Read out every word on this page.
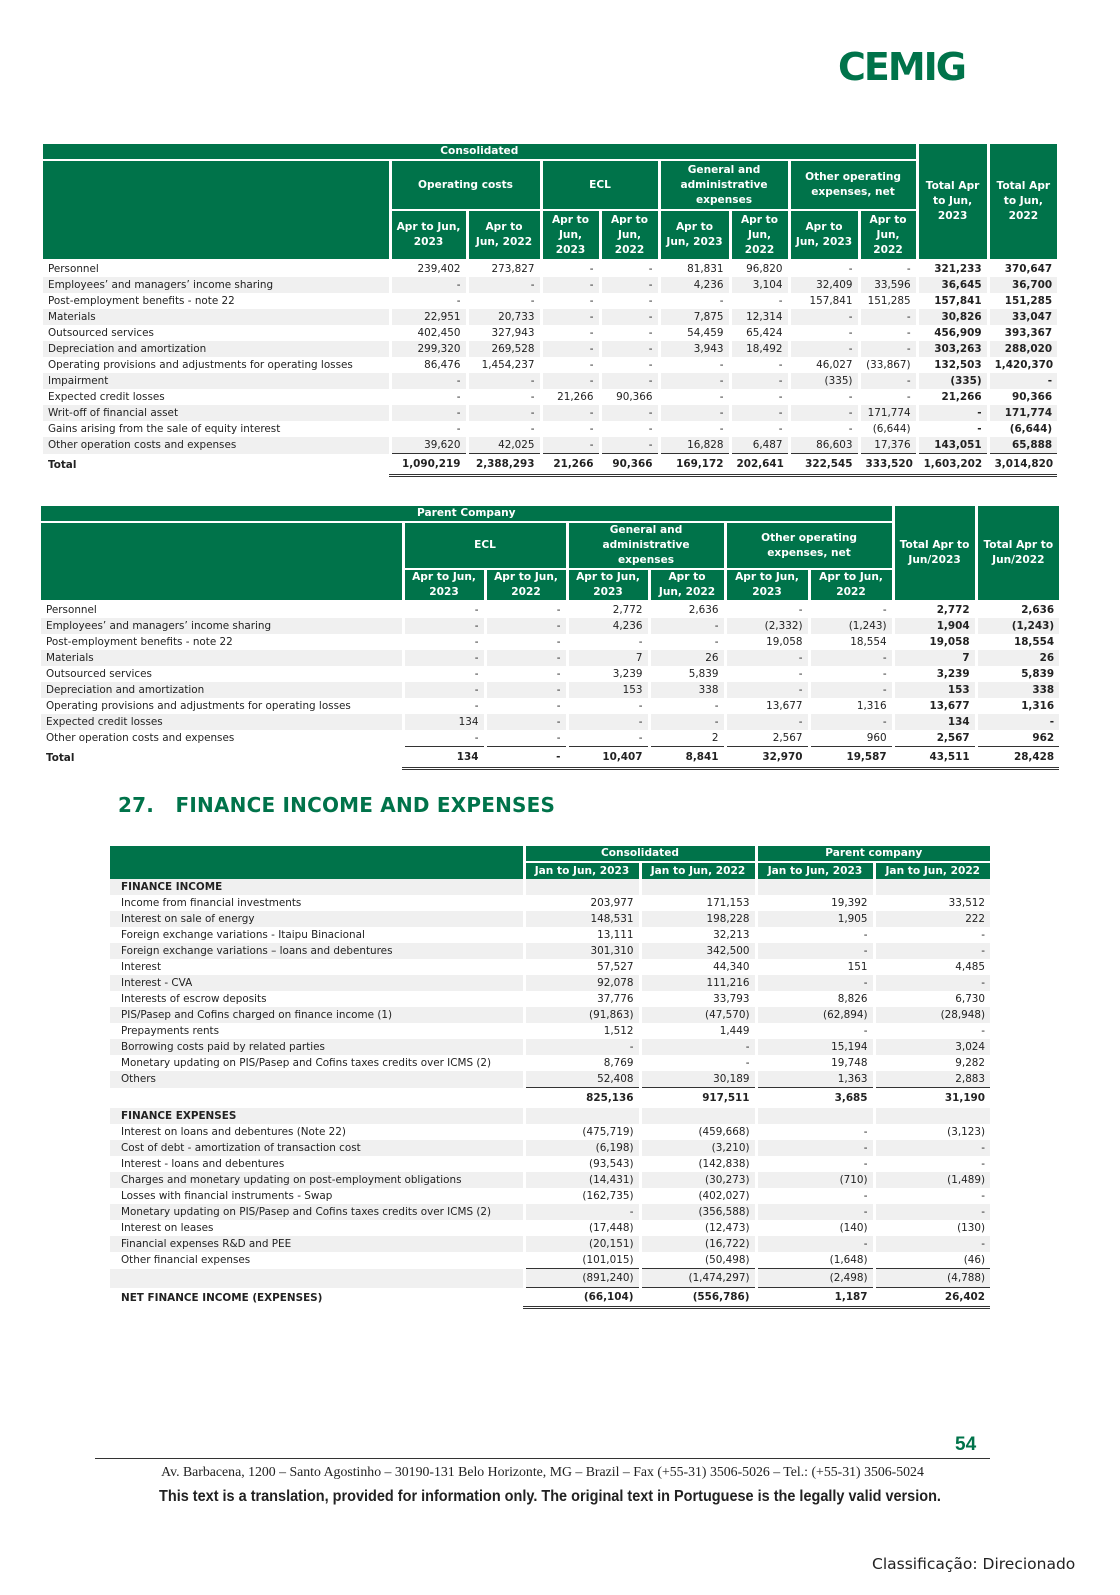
CEMIG
Consolidated									Total Apr to Jun, 2023	Total Apr to Jun, 2022
	Operating costs		ECL		General and administrative expenses		Other operating expenses, net			
	Apr to Jun, 2023	Apr to Jun, 2022	Apr to Jun, 2023	Apr to Jun, 2022	Apr to Jun, 2023	Apr to Jun, 2022	Apr to Jun, 2023	Apr to Jun, 2022		
Personnel	239,402	273,827	-	-	81,831	96,820	-	-	321,233	370,647
Employees’ and managers’ income sharing	-	-	-	-	4,236	3,104	32,409	33,596	36,645	36,700
Post-employment benefits - note 22	-	-	-	-	-	-	157,841	151,285	157,841	151,285
Materials	22,951	20,733	-	-	7,875	12,314	-	-	30,826	33,047
Outsourced services	402,450	327,943	-	-	54,459	65,424	-	-	456,909	393,367
Depreciation and amortization	299,320	269,528	-	-	3,943	18,492	-	-	303,263	288,020
Operating provisions and adjustments for operating losses	86,476	1,454,237	-	-	-	-	46,027	(33,867)	132,503	1,420,370
Impairment	-	-	-	-	-	-	(335)	-	(335)	-
Expected credit losses	-	-	21,266	90,366	-	-	-	-	21,266	90,366
Writ-off of financial asset	-	-	-	-	-	-	-	171,774	-	171,774
Gains arising from the sale of equity interest	-	-	-	-	-	-	-	(6,644)	-	(6,644)
Other operation costs and expenses	39,620	42,025	-	-	16,828	6,487	86,603	17,376	143,051	65,888
Total	1,090,219	2,388,293	21,266	90,366	169,172	202,641	322,545	333,520	1,603,202	3,014,820
Parent Company							Total Apr to Jun/2023	Total Apr to Jun/2022
	ECL		General and administrative expenses		Other operating expenses, net			
	Apr to Jun, 2023	Apr to Jun, 2022	Apr to Jun, 2023	Apr to Jun, 2022	Apr to Jun, 2023	Apr to Jun, 2022		
Personnel	-	-	2,772	2,636	-	-	2,772	2,636
Employees’ and managers’ income sharing	-	-	4,236	-	(2,332)	(1,243)	1,904	(1,243)
Post-employment benefits - note 22	-	-	-	-	19,058	18,554	19,058	18,554
Materials	-	-	7	26	-	-	7	26
Outsourced services	-	-	3,239	5,839	-	-	3,239	5,839
Depreciation and amortization	-	-	153	338	-	-	153	338
Operating provisions and adjustments for operating losses	-	-	-	-	13,677	1,316	13,677	1,316
Expected credit losses	134	-	-	-	-	-	134	-
Other operation costs and expenses	-	-	-	2	2,567	960	2,567	962
Total	134	-	10,407	8,841	32,970	19,587	43,511	28,428
27. FINANCE INCOME AND EXPENSES
	Consolidated		Parent company	
	Jan to Jun, 2023	Jan to Jun, 2022	Jan to Jun, 2023	Jan to Jun, 2022
FINANCE INCOME				
Income from financial investments	203,977	171,153	19,392	33,512
Interest on sale of energy	148,531	198,228	1,905	222
Foreign exchange variations - Itaipu Binacional	13,111	32,213	-	-
Foreign exchange variations – loans and debentures	301,310	342,500	-	-
Interest	57,527	44,340	151	4,485
Interest - CVA	92,078	111,216	-	-
Interests of escrow deposits	37,776	33,793	8,826	6,730
PIS/Pasep and Cofins charged on finance income (1)	(91,863)	(47,570)	(62,894)	(28,948)
Prepayments rents	1,512	1,449	-	-
Borrowing costs paid by related parties	-	-	15,194	3,024
Monetary updating on PIS/Pasep and Cofins taxes credits over ICMS (2)	8,769	-	19,748	9,282
Others	52,408	30,189	1,363	2,883
	825,136	917,511	3,685	31,190
FINANCE EXPENSES				
Interest on loans and debentures (Note 22)	(475,719)	(459,668)	-	(3,123)
Cost of debt - amortization of transaction cost	(6,198)	(3,210)	-	-
Interest - loans and debentures	(93,543)	(142,838)	-	-
Charges and monetary updating on post-employment obligations	(14,431)	(30,273)	(710)	(1,489)
Losses with financial instruments - Swap	(162,735)	(402,027)	-	-
Monetary updating on PIS/Pasep and Cofins taxes credits over ICMS (2)	-	(356,588)	-	-
Interest on leases	(17,448)	(12,473)	(140)	(130)
Financial expenses R&D and PEE	(20,151)	(16,722)	-	-
Other financial expenses	(101,015)	(50,498)	(1,648)	(46)
	(891,240)	(1,474,297)	(2,498)	(4,788)
NET FINANCE INCOME (EXPENSES)	(66,104)	(556,786)	1,187	26,402
54
Av. Barbacena, 1200 – Santo Agostinho – 30190-131 Belo Horizonte, MG – Brazil – Fax (+55-31) 3506-5026 – Tel.: (+55-31) 3506-5024
This text is a translation, provided for information only. The original text in Portuguese is the legally valid version.
Classificação: Direcionado
